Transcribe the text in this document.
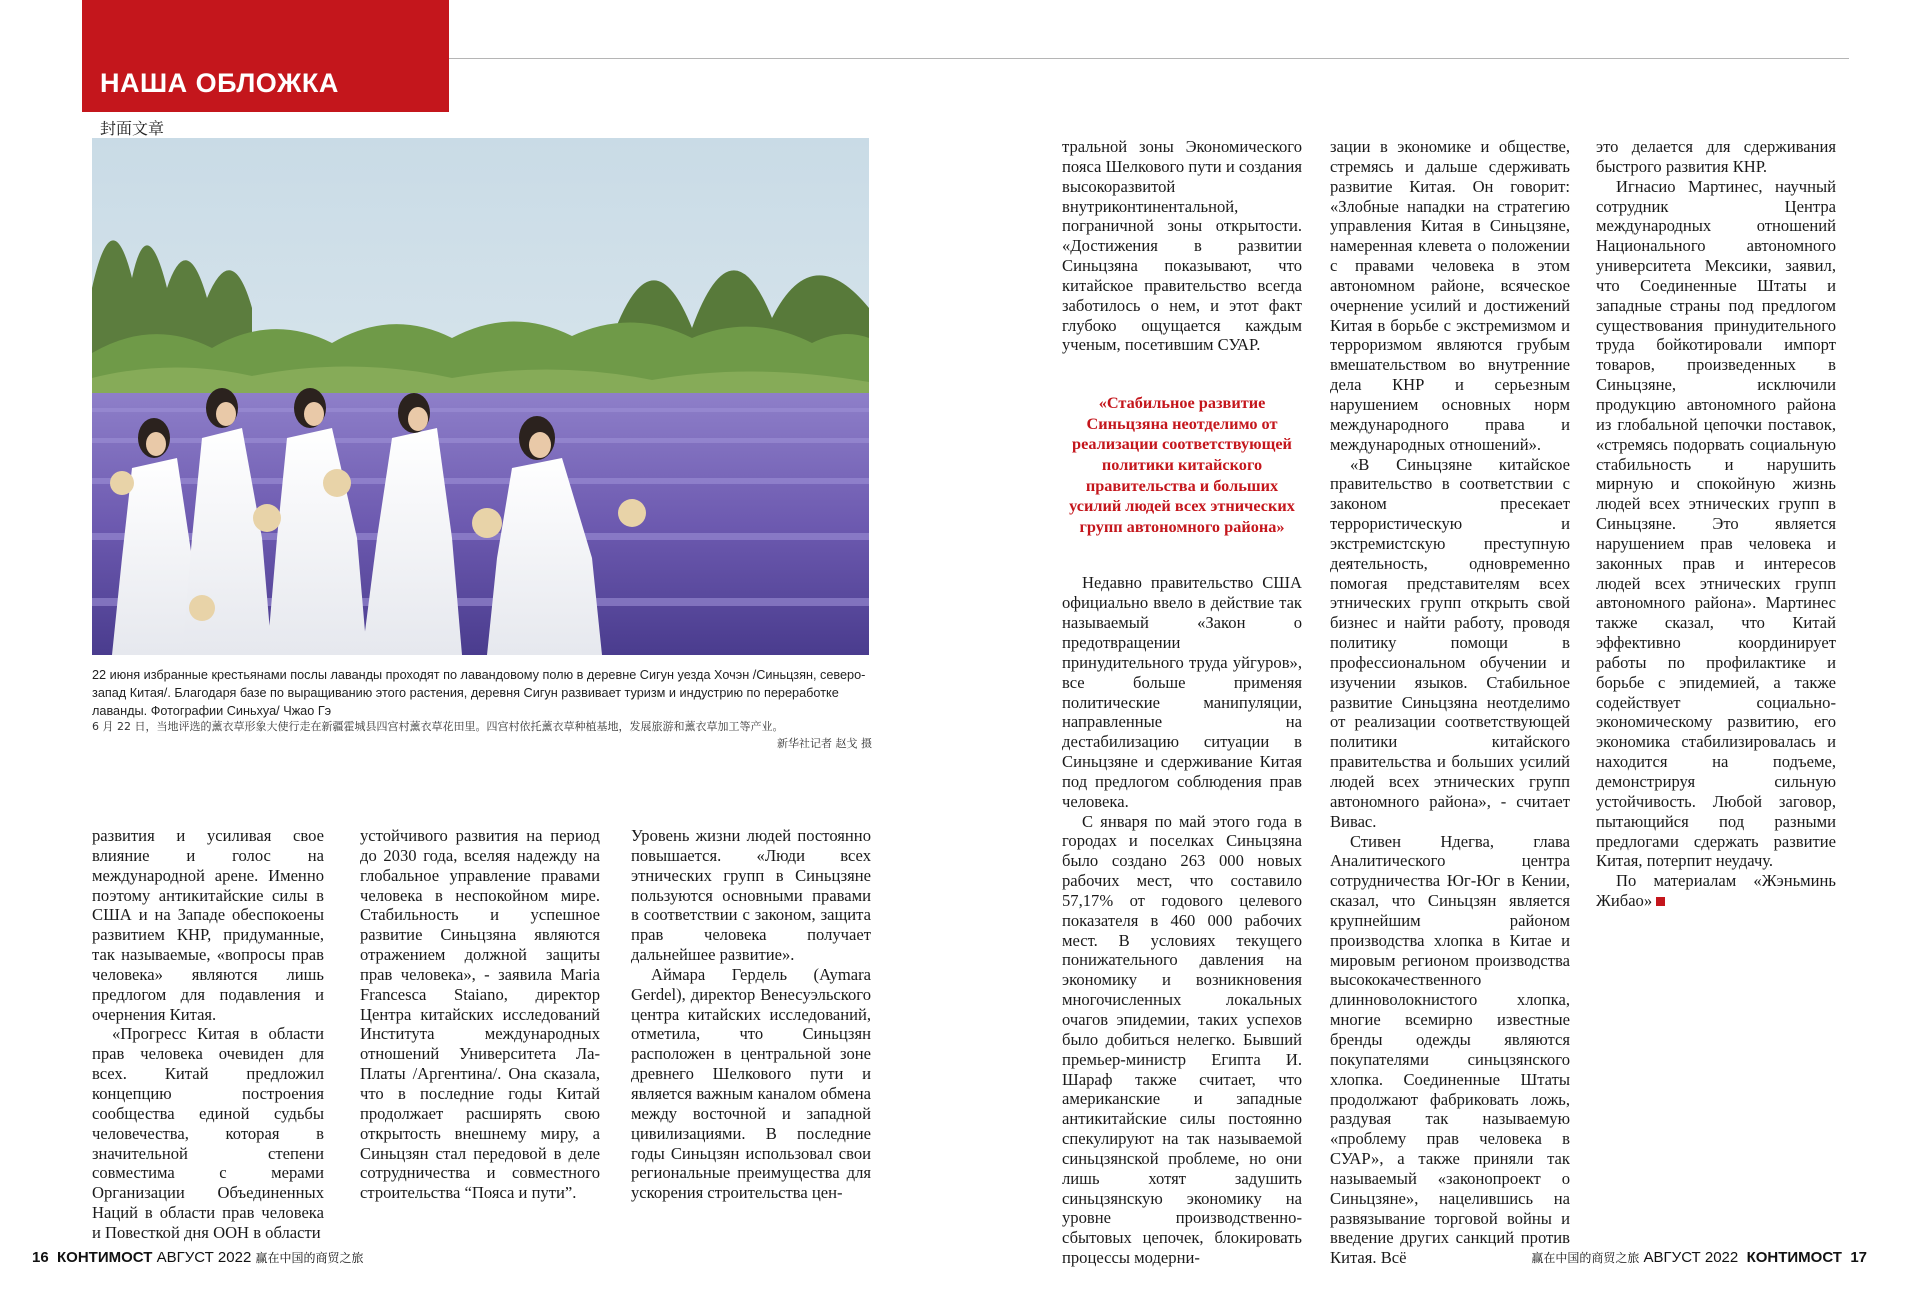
НАША ОБЛОЖКА
封面文章
22 июня избранные крестьянами послы лаванды проходят по лавандовому полю в деревне Сигун уезда Хочэн /Синьцзян, северо-запад Китая/. Благодаря базе по выращиванию этого растения, деревня Сигун развивает туризм и индустрию по переработке лаванды. Фотографии Синьхуа/ Чжао Гэ
6 月 22 日，当地评选的薰衣草形象大使行走在新疆霍城县四宫村薰衣草花田里。四宫村依托薰衣草种植基地，发展旅游和薰衣草加工等产业。
新华社记者 赵戈 摄

развития и усиливая свое влияние и голос на международной арене. Именно поэтому антикитайские силы в США и на Западе обеспокоены развитием КНР, придуманные, так называемые, «вопросы прав человека» являются лишь предлогом для подавления и очернения Китая.

«Прогресс Китая в области прав человека очевиден для всех. Китай предложил концепцию построения сообщества единой судьбы человечества, которая в значительной степени совместима с мерами Организации Объединенных Наций в области прав человека и Повесткой дня ООН в области

устойчивого развития на период до 2030 года, вселяя надежду на глобальное управление правами человека в неспокойном мире. Стабильность и успешное развитие Синьцзяна являются отражением должной защиты прав человека», - заявила Maria Francesca Staiano, директор Центра китайских исследований Института международных отношений Университета Ла-Платы /Аргентина/. Она сказала, что в последние годы Китай продолжает расширять свою открытость внешнему миру, а Синьцзян стал передовой в деле сотрудничества и совместного строительства “Пояса и пути”.

Уровень жизни людей постоянно повышается. «Люди всех этнических групп в Синьцзяне пользуются основными правами в соответствии с законом, защита прав человека получает дальнейшее развитие».

Аймара Гердель (Aymara Gerdel), директор Венесуэльского центра китайских исследований, отметила, что Синьцзян расположен в центральной зоне древнего Шелкового пути и является важным каналом обмена между восточной и западной цивилизациями. В последние годы Синьцзян использовал свои региональные преимущества для ускорения строительства цен-

тральной зоны Экономического пояса Шелкового пути и создания высокоразвитой внутриконтинентальной, пограничной зоны открытости. «Достижения в развитии Синьцзяна показывают, что китайское правительство всегда заботилось о нем, и этот факт глубоко ощущается каждым ученым, посетившим СУАР.

«Стабильное развитие Синьцзяна неотделимо от реализации соответствующей политики китайского правительства и больших усилий людей всех этнических групп автономного района»

Недавно правительство США официально ввело в действие так называемый «Закон о предотвращении принудительного труда уйгуров», все больше применяя политические манипуляции, направленные на дестабилизацию ситуации в Синьцзяне и сдерживание Китая под предлогом соблюдения прав человека.

С января по май этого года в городах и поселках Синьцзяна было создано 263 000 новых рабочих мест, что составило 57,17% от годового целевого показателя в 460 000 рабочих мест. В условиях текущего понижательного давления на экономику и возникновения многочисленных локальных очагов эпидемии, таких успехов было добиться нелегко. Бывший премьер-министр Египта И. Шараф также считает, что американские и западные антикитайские силы постоянно спекулируют на так называемой синьцзянской проблеме, но они лишь хотят задушить синьцзянскую экономику на уровне производственно-сбытовых цепочек, блокировать процессы модерни-

зации в экономике и обществе, стремясь и дальше сдерживать развитие Китая. Он говорит: «Злобные нападки на стратегию управления Китая в Синьцзяне, намеренная клевета о положении с правами человека в этом автономном районе, всяческое очернение усилий и достижений Китая в борьбе с экстремизмом и терроризмом являются грубым вмешательством во внутренние дела КНР и серьезным нарушением основных норм международного права и международных отношений».

«В Синьцзяне китайское правительство в соответствии с законом пресекает террористическую и экстремистскую преступную деятельность, одновременно помогая представителям всех этнических групп открыть свой бизнес и найти работу, проводя политику помощи в профессиональном обучении и изучении языков. Стабильное развитие Синьцзяна неотделимо от реализации соответствующей политики китайского правительства и больших усилий людей всех этнических групп автономного района», - считает Вивас.

Стивен Ндегва, глава Аналитического центра сотрудничества Юг-Юг в Кении, сказал, что Синьцзян является крупнейшим районом производства хлопка в Китае и мировым регионом производства высококачественного длинноволокнистого хлопка, многие всемирно известные бренды одежды являются покупателями синьцзянского хлопка. Соединенные Штаты продолжают фабриковать ложь, раздувая так называемую «проблему прав человека в СУАР», а также приняли так называемый «законопроект о Синьцзяне», нацелившись на развязывание торговой войны и введение других санкций против Китая. Всё

это делается для сдерживания быстрого развития КНР.

Игнасио Мартинес, научный сотрудник Центра международных отношений Национального автономного университета Мексики, заявил, что Соединенные Штаты и западные страны под предлогом существования принудительного труда бойкотировали импорт товаров, произведенных в Синьцзяне, исключили продукцию автономного района из глобальной цепочки поставок, «стремясь подорвать социальную стабильность и нарушить мирную и спокойную жизнь людей всех этнических групп в Синьцзяне. Это является нарушением прав человека и законных прав и интересов людей всех этнических групп автономного района». Мартинес также сказал, что Китай эффективно координирует работы по профилактике и борьбе с эпидемией, а также содействует социально-экономическому развитию, его экономика стабилизировалась и находится на подъеме, демонстрируя сильную устойчивость. Любой заговор, пытающийся под разными предлогами сдержать развитие Китая, потерпит неудачу.

По материалам «Жэньминь Жибао»

16 КОНТИМОСТ АВГУСТ 2022 赢在中国的商贸之旅	赢在中国的商贸之旅 АВГУСТ 2022 КОНТИМОСТ 17
